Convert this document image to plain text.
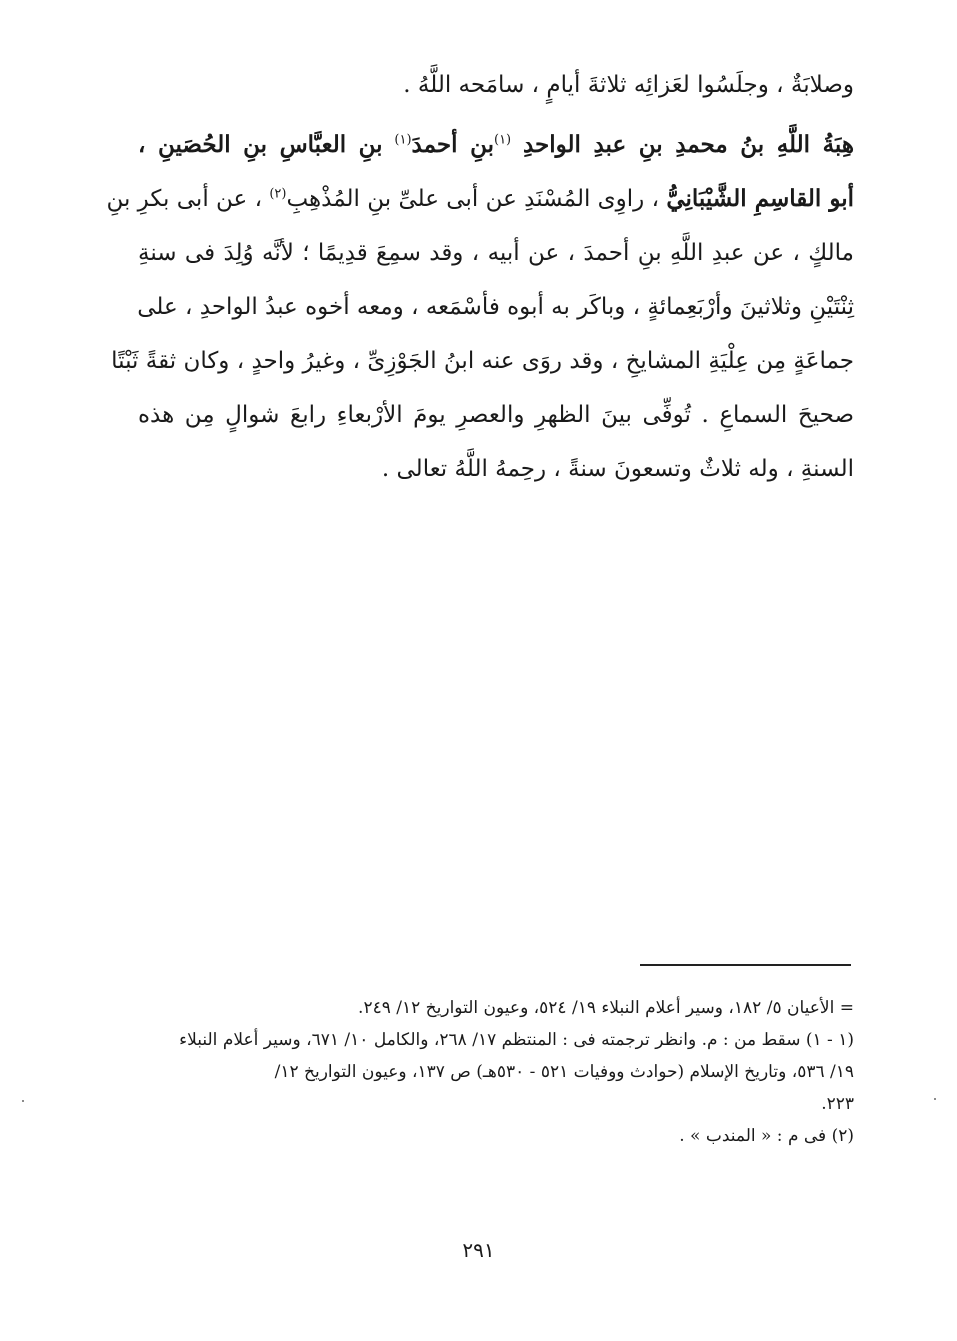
وصلابَةٌ ، وجلَسُوا لعَزائِه ثلاثةَ أيامٍ ، سامَحه اللَّهُ .
هِبَةُ اللَّهِ بنُ محمدِ بنِ عبدِ الواحدِ $^{(١)}$بنِ أحمدَ$^{(١)}$ بنِ العبَّاسِ بنِ الحُصَينِ ،
أبو القاسِمِ الشَّيْبَانِيُّ ، راوِى المُسْنَدِ عن أبى علىِّ بنِ المُذْهِبِ$^{(٢)}$ ، عن أبى بكرِ بنِ
مالكٍ ، عن عبدِ اللَّهِ بنِ أحمدَ ، عن أبيه ، وقد سمِعَ قدِيمًا ؛ لأنَّه وُلِدَ فى سنةِ
ثِنْتَيْنِ وثلاثينَ وأرْبَعِمائةٍ ، وباكَر به أبوه فأسْمَعه ، ومعه أخوه عبدُ الواحدِ ، على
جماعَةٍ مِن عِلْيَةِ المشايخِ ، وقد روَى عنه ابنُ الجَوْزِىِّ ، وغيرُ واحدٍ ، وكان ثقةً ثَبْتًا
صحيحَ السماعِ . تُوفِّى بينَ الظهرِ والعصرِ يومَ الأرْبعاءِ رابعَ شوالٍ مِن هذه
السنةِ ، وله ثلاثٌ وتسعونَ سنةً ، رحِمهُ اللَّهُ تعالى .
= الأعيان ٥/ ١٨٢، وسير أعلام النبلاء ١٩/ ٥٢٤، وعيون التواريخ ١٢/ ٢٤٩.
(١ - ١) سقط من : م. وانظر ترجمته فى : المنتظم ١٧/ ٢٦٨، والكامل ١٠/ ٦٧١، وسير أعلام النبلاء
١٩/ ٥٣٦، وتاريخ الإسلام (حوادث ووفيات ٥٢١ - ٥٣٠هـ) ص ١٣٧، وعيون التواريخ ١٢/
٢٢٣.
(٢) فى م : « المندب » .
٢٩١
